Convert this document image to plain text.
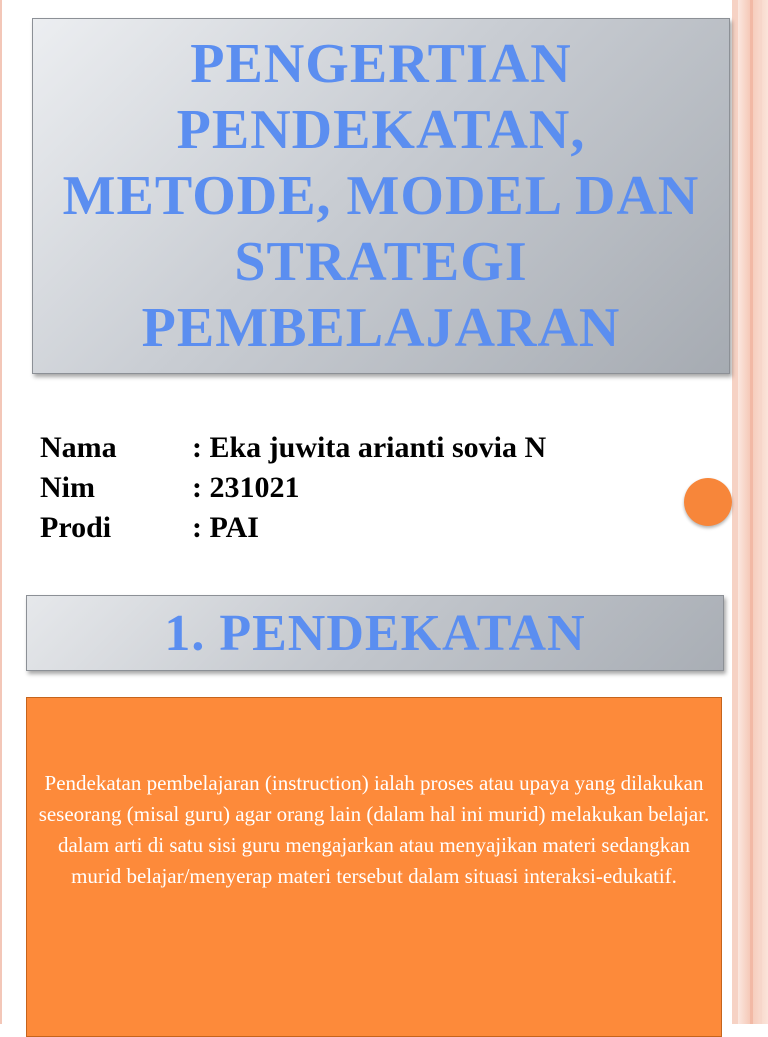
PENGERTIAN PENDEKATAN, METODE, MODEL DAN STRATEGI PEMBELAJARAN
Nama	: Eka juwita arianti sovia N
Nim	: 231021
Prodi	: PAI
1. PENDEKATAN

Pendekatan pembelajaran (instruction) ialah proses atau upaya yang dilakukan seseorang (misal guru) agar orang lain (dalam hal ini murid) melakukan belajar.

dalam arti di satu sisi guru mengajarkan atau menyajikan materi sedangkan murid belajar/menyerap materi tersebut dalam situasi interaksi-edukatif.
